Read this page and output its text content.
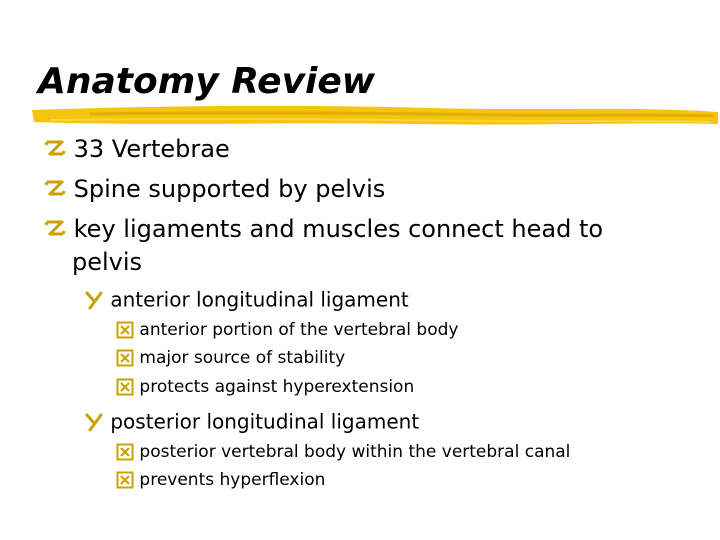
Anatomy Review

33 Vertebrae

Spine supported by pelvis

key ligaments and muscles connect head to

pelvis

anterior longitudinal ligament

anterior portion of the vertebral body

major source of stability

protects against hyperextension

posterior longitudinal ligament

posterior vertebral body within the vertebral canal

prevents hyperflexion
